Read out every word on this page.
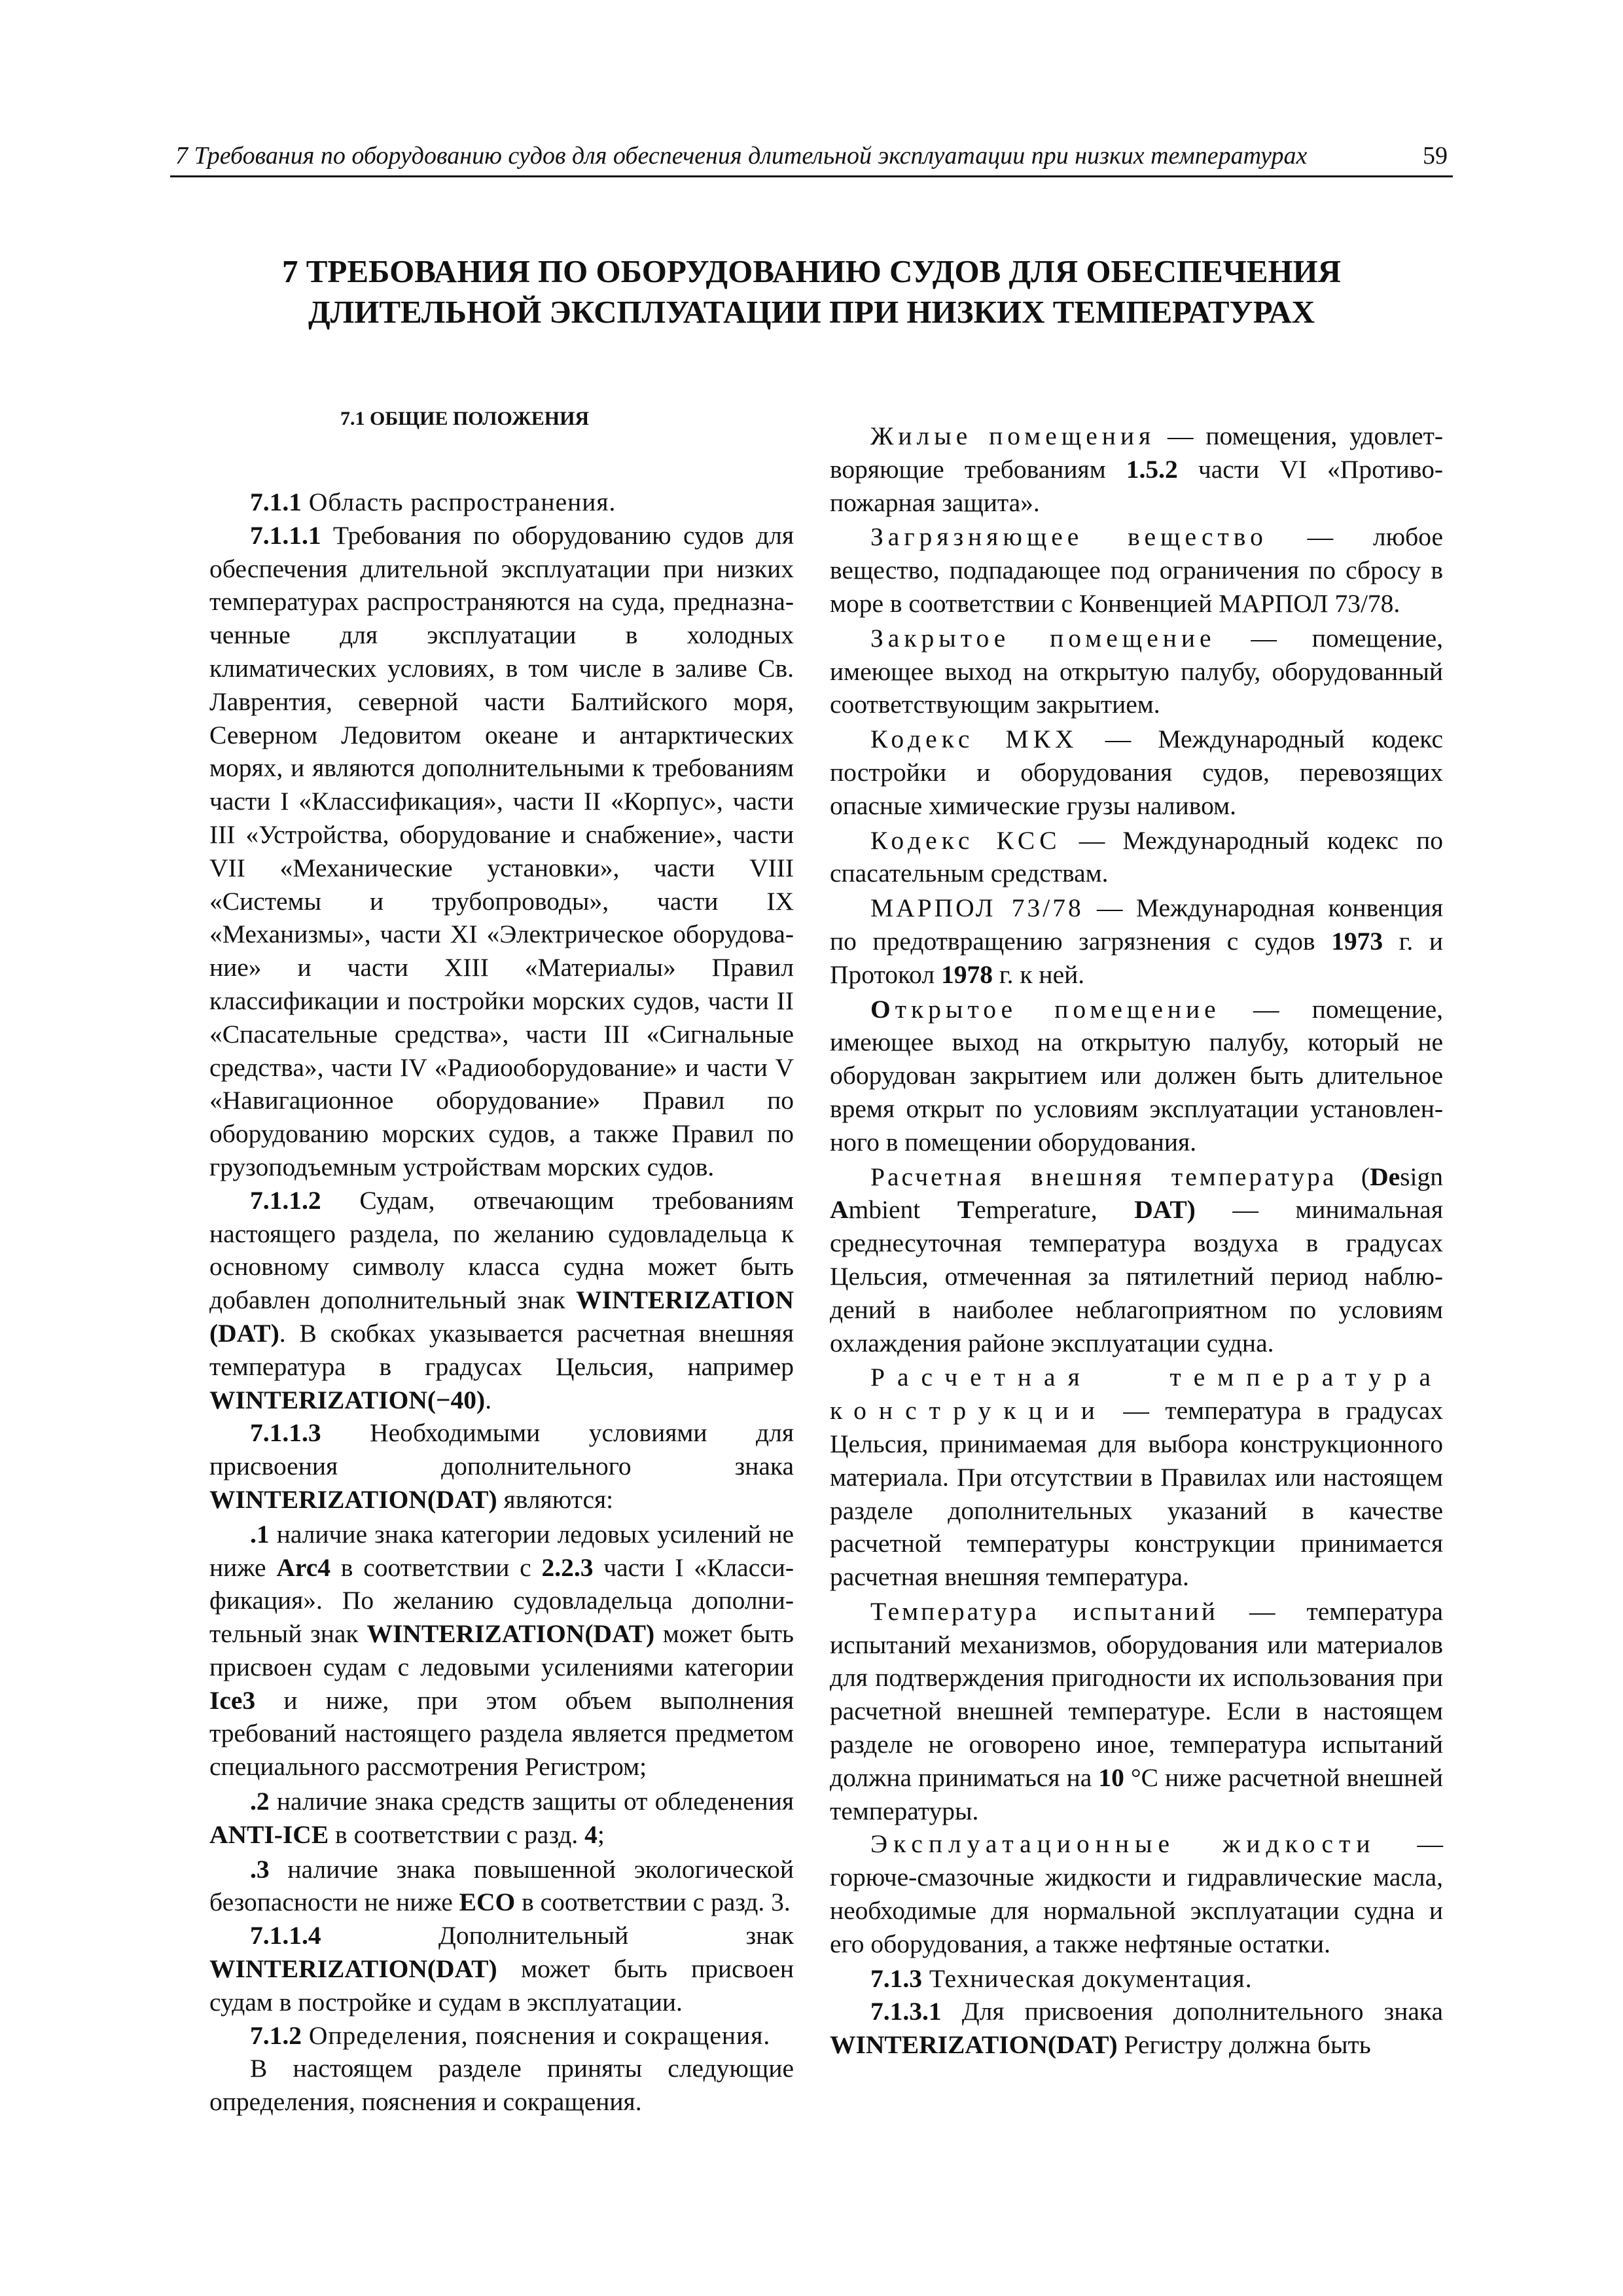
7 Требования по оборудованию судов для обеспечения длительной эксплуатации при низких температурах	59
7 ТРЕБОВАНИЯ ПО ОБОРУДОВАНИЮ СУДОВ ДЛЯ ОБЕСПЕЧЕНИЯ
ДЛИТЕЛЬНОЙ ЭКСПЛУАТАЦИИ ПРИ НИЗКИХ ТЕМПЕРАТУРАХ

7.1 ОБЩИЕ ПОЛОЖЕНИЯ

7.1.1 Область распространения.

7.1.1.1 Требования по оборудованию судов для обеспечения длительной эксплуатации при низких температурах распространяются на суда, предназначенные для эксплуатации в холодных климатических условиях, в том числе в заливе Св. Лаврентия, северной части Балтийского моря, Северном Ледовитом океане и антарктических морях, и являются дополнительными к требованиям части I «Классификация», части II «Корпус», части III «Устройства, оборудование и снабжение», части VII «Механические установки», части VIII «Системы и трубопроводы», части IX «Механизмы», части XI «Электрическое оборудование» и части XIII «Материалы» Правил классификации и постройки морских судов, части II «Спасательные средства», части III «Сигнальные средства», части IV «Радиооборудование» и части V «Навигационное оборудование» Правил по оборудованию морских судов, а также Правил по грузоподъемным устройствам морских судов.

7.1.1.2 Судам, отвечающим требованиям настоящего раздела, по желанию судовладельца к основному символу класса судна может быть добавлен дополнительный знак WINTERIZATION (DAT). В скобках указывается расчетная внешняя температура в градусах Цельсия, например WINTERIZATION(−40).

7.1.1.3 Необходимыми условиями для присвоения дополнительного знака WINTERIZATION(DAT) являются:

.1 наличие знака категории ледовых усилений не ниже Arc4 в соответствии с 2.2.3 части I «Классификация». По желанию судовладельца дополнительный знак WINTERIZATION(DAT) может быть присвоен судам с ледовыми усилениями категории Ice3 и ниже, при этом объем выполнения требований настоящего раздела является предметом специального рассмотрения Регистром;

.2 наличие знака средств защиты от обледенения ANTI-ICE в соответствии с разд. 4;

.3 наличие знака повышенной экологической безопасности не ниже ECO в соответствии с разд. 3.

7.1.1.4 Дополнительный знак WINTERIZATION(DAT) может быть присвоен судам в постройке и судам в эксплуатации.

7.1.2 Определения, пояснения и сокращения.

В настоящем разделе приняты следующие определения, пояснения и сокращения.

Жилые помещения — помещения, удовлетворяющие требованиям 1.5.2 части VI «Противопожарная защита».

Загрязняющее вещество — любое вещество, подпадающее под ограничения по сбросу в море в соответствии с Конвенцией МАРПОЛ 73/78.

Закрытое помещение — помещение, имеющее выход на открытую палубу, оборудованный соответствующим закрытием.

Кодекс МКХ — Международный кодекс постройки и оборудования судов, перевозящих опасные химические грузы наливом.

Кодекс КСС — Международный кодекс по спасательным средствам.

МАРПОЛ 73/78 — Международная конвенция по предотвращению загрязнения с судов 1973 г. и Протокол 1978 г. к ней.

Открытое помещение — помещение, имеющее выход на открытую палубу, который не оборудован закрытием или должен быть длительное время открыт по условиям эксплуатации установленного в помещении оборудования.

Расчетная внешняя температура (Design Ambient Temperature, DAT) — минимальная среднесуточная температура воздуха в градусах Цельсия, отмеченная за пятилетний период наблюдений в наиболее неблагоприятном по условиям охлаждения районе эксплуатации судна.

Расчетная температура конструкции — температура в градусах Цельсия, принимаемая для выбора конструкционного материала. При отсутствии в Правилах или настоящем разделе дополнительных указаний в качестве расчетной температуры конструкции принимается расчетная внешняя температура.

Температура испытаний — температура испытаний механизмов, оборудования или материалов для подтверждения пригодности их использования при расчетной внешней температуре. Если в настоящем разделе не оговорено иное, температура испытаний должна приниматься на 10 °С ниже расчетной внешней температуры.

Эксплуатационные жидкости — горюче-смазочные жидкости и гидравлические масла, необходимые для нормальной эксплуатации судна и его оборудования, а также нефтяные остатки.

7.1.3 Техническая документация.

7.1.3.1 Для присвоения дополнительного знака WINTERIZATION(DAT) Регистру должна быть
